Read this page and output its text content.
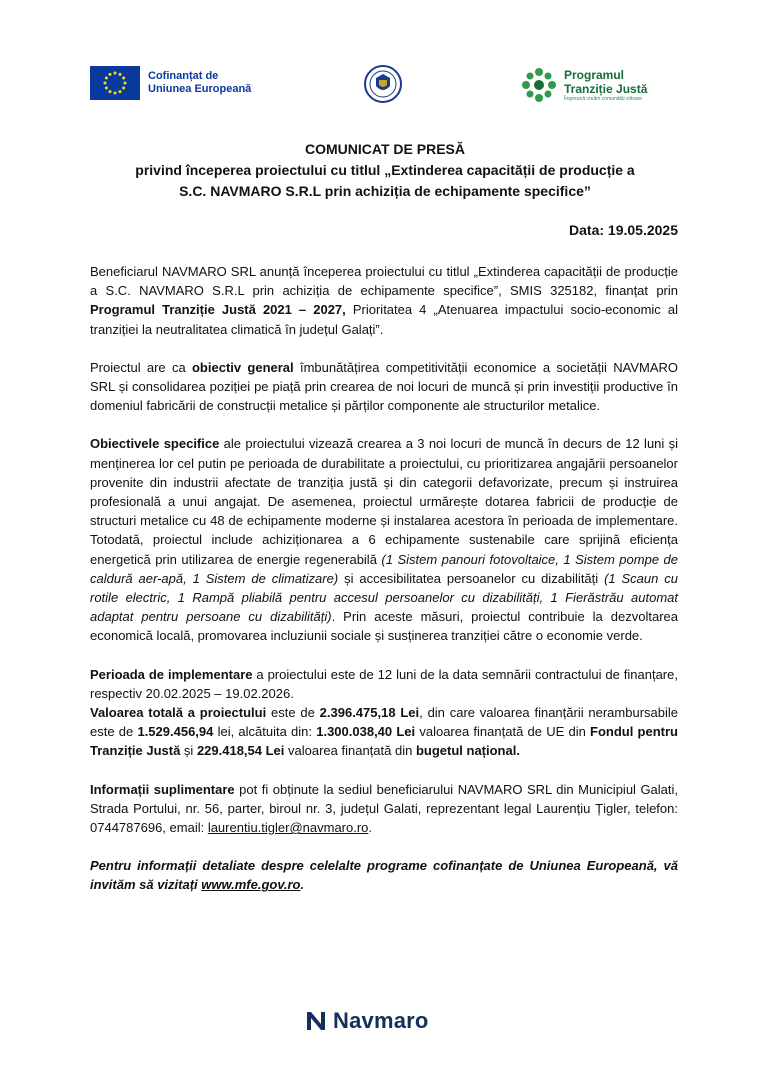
Cofinanțat de
Uniunea Europeană
Programul
Tranziție Justă
Împreună creăm comunități viitoare
COMUNICAT DE PRESĂ
privind începerea proiectului cu titlul „Extinderea capacității de producție a
S.C. NAVMARO S.R.L prin achiziția de echipamente specifice”
Data: 19.05.2025

Beneficiarul NAVMARO SRL anunță începerea proiectului cu titlul „Extinderea capacității de producție a S.C. NAVMARO S.R.L prin achiziția de echipamente specifice”, SMIS 325182, finanțat prin Programul Tranziție Justă 2021 – 2027, Prioritatea 4 „Atenuarea impactului socio-economic al tranziției la neutralitatea climatică în județul Galați”.

Proiectul are ca obiectiv general îmbunătățirea competitivității economice a societății NAVMARO SRL și consolidarea poziției pe piață prin crearea de noi locuri de muncă și prin investiții productive în domeniul fabricării de construcții metalice și părților componente ale structurilor metalice.

Obiectivele specifice ale proiectului vizează crearea a 3 noi locuri de muncă în decurs de 12 luni și menținerea lor cel putin pe perioada de durabilitate a proiectului, cu prioritizarea angajării persoanelor provenite din industrii afectate de tranziția justă și din categorii defavorizate, precum și instruirea profesională a unui angajat. De asemenea, proiectul urmărește dotarea fabricii de producție de structuri metalice cu 48 de echipamente moderne și instalarea acestora în perioada de implementare. Totodată, proiectul include achiziționarea a 6 echipamente sustenabile care sprijină eficiența energetică prin utilizarea de energie regenerabilă (1 Sistem panouri fotovoltaice, 1 Sistem pompe de caldură aer-apă, 1 Sistem de climatizare) și accesibilitatea persoanelor cu dizabilități (1 Scaun cu rotile electric, 1 Rampă pliabilă pentru accesul persoanelor cu dizabilități, 1 Fierăstrău automat adaptat pentru persoane cu dizabilități). Prin aceste măsuri, proiectul contribuie la dezvoltarea economică locală, promovarea incluziunii sociale și susținerea tranziției către o economie verde.

Perioada de implementare a proiectului este de 12 luni de la data semnării contractului de finanțare, respectiv 20.02.2025 – 19.02.2026.

Valoarea totală a proiectului este de 2.396.475,18 Lei, din care valoarea finanțării nerambursabile este de 1.529.456,94 lei, alcătuita din: 1.300.038,40 Lei valoarea finanțată de UE din Fondul pentru Tranziție Justă și 229.418,54 Lei valoarea finanțată din bugetul național.

Informații suplimentare pot fi obținute la sediul beneficiarului NAVMARO SRL din Municipiul Galati, Strada Portului, nr. 56, parter, biroul nr. 3, județul Galati, reprezentant legal Laurențiu Țigler, telefon: 0744787696, email: laurentiu.tigler@navmaro.ro.

Pentru informații detaliate despre celelalte programe cofinanțate de Uniunea Europeană, vă invităm să vizitați www.mfe.gov.ro.

Navmaro
